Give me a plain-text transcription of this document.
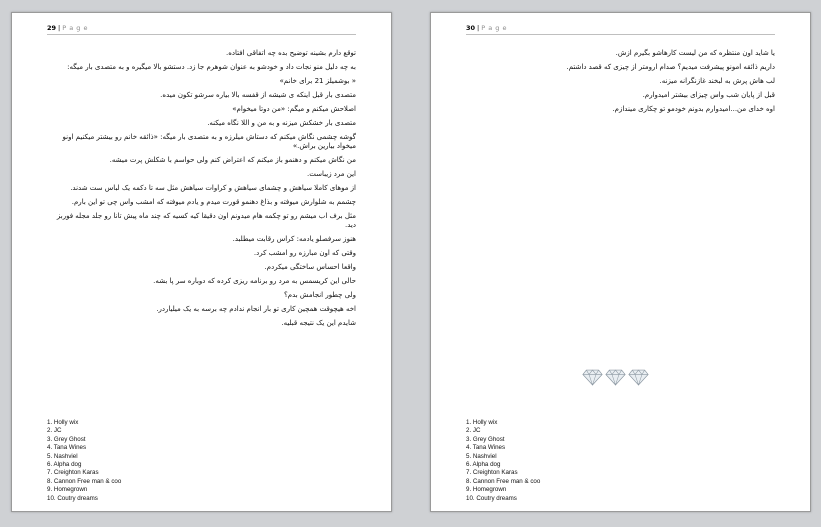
29 | P a g e

توقع دارم بشینه توضیح بده چه اتفاقی افتاده.

به چه دلیل منو نجات داد و خودشو به عنوان شوهرم جا زد. دستشو بالا میگیره و به متصدی بار میگه:

« بوشمیلز 21 برای خانم»

متصدی بار قبل اینکه ی شیشه از قفسه بالا بیاره سرشو تکون میده.

اصلاحش میکنم و میگم: «من دوتا میخوام»

متصدی بار خشکش میزنه و به من و اللا نگاه میکنه.

گوشه چشمی نگاش میکنم که دستاش میلرزه و به متصدی بار میگه: «ذائقه خانم رو بیشتر میکنیم اونو میخواد بیارین براش.»

من نگاش میکنم و دهنمو باز میکنم که اعتراض کنم ولی حواسم با شکلش پرت میشه.

این مرد زیباست.

از موهای کاملا سیاهش و چشمای سیاهش و کراوات سیاهش مثل سه تا دکمه یک لباس ست شدند.

چشمم به شلوارش میوفته و بذاغ دهنمو قورت میدم و یادم میوفته که امشب واس چی تو این بارم.

مثل برف اب میشم رو تو چکمه هام میدونم اون دقیقا کیه کسیه که چند ماه پیش تانا رو جلد مجله فوربز دید.

هنوز سرفصلو یادمه: کراس رقابت میطلبد.

وقتی که اون مبارزه رو امشب کرد.

واقعا احساس ساختگی میکردم.

حالی این کریسمس به مرد رو برنامه ریزی کرده که دوباره سر پا بشه.

ولی چطور انجامش بدم؟

اخه هیچوقت همچین کاری تو بار انجام ندادم چه برسه به یک میلیاردر.

شایدم این یک نتیجه قبلیه.

1. Holly wix
2. JC
3. Grey Ghost
4. Tana Wines
5. Nashviel
6. Alpha dog
7. Creighton Karas
8. Cannon Free man & coo
9. Homegrown
10. Coutry dreams
30 | P a g e

یا شاید اون منتظره که من لیست کارهاشو بگیرم ازش.

داریم ذائقه امونو پیشرفت میدیم؟ صدام ارومتر از چیزی که قصد داشتم.

لب هاش پرش به لبخند غازنگرانه میزنه.

قبل از پایان شب واس چیزای بیشتر امیدوارم.

اوه خدای من...امیدوارم بدونم خودمو تو چکاری میندازم.

1. Holly wix
2. JC
3. Grey Ghost
4. Tana Wines
5. Nashviel
6. Alpha dog
7. Creighton Karas
8. Cannon Free man & coo
9. Homegrown
10. Coutry dreams
